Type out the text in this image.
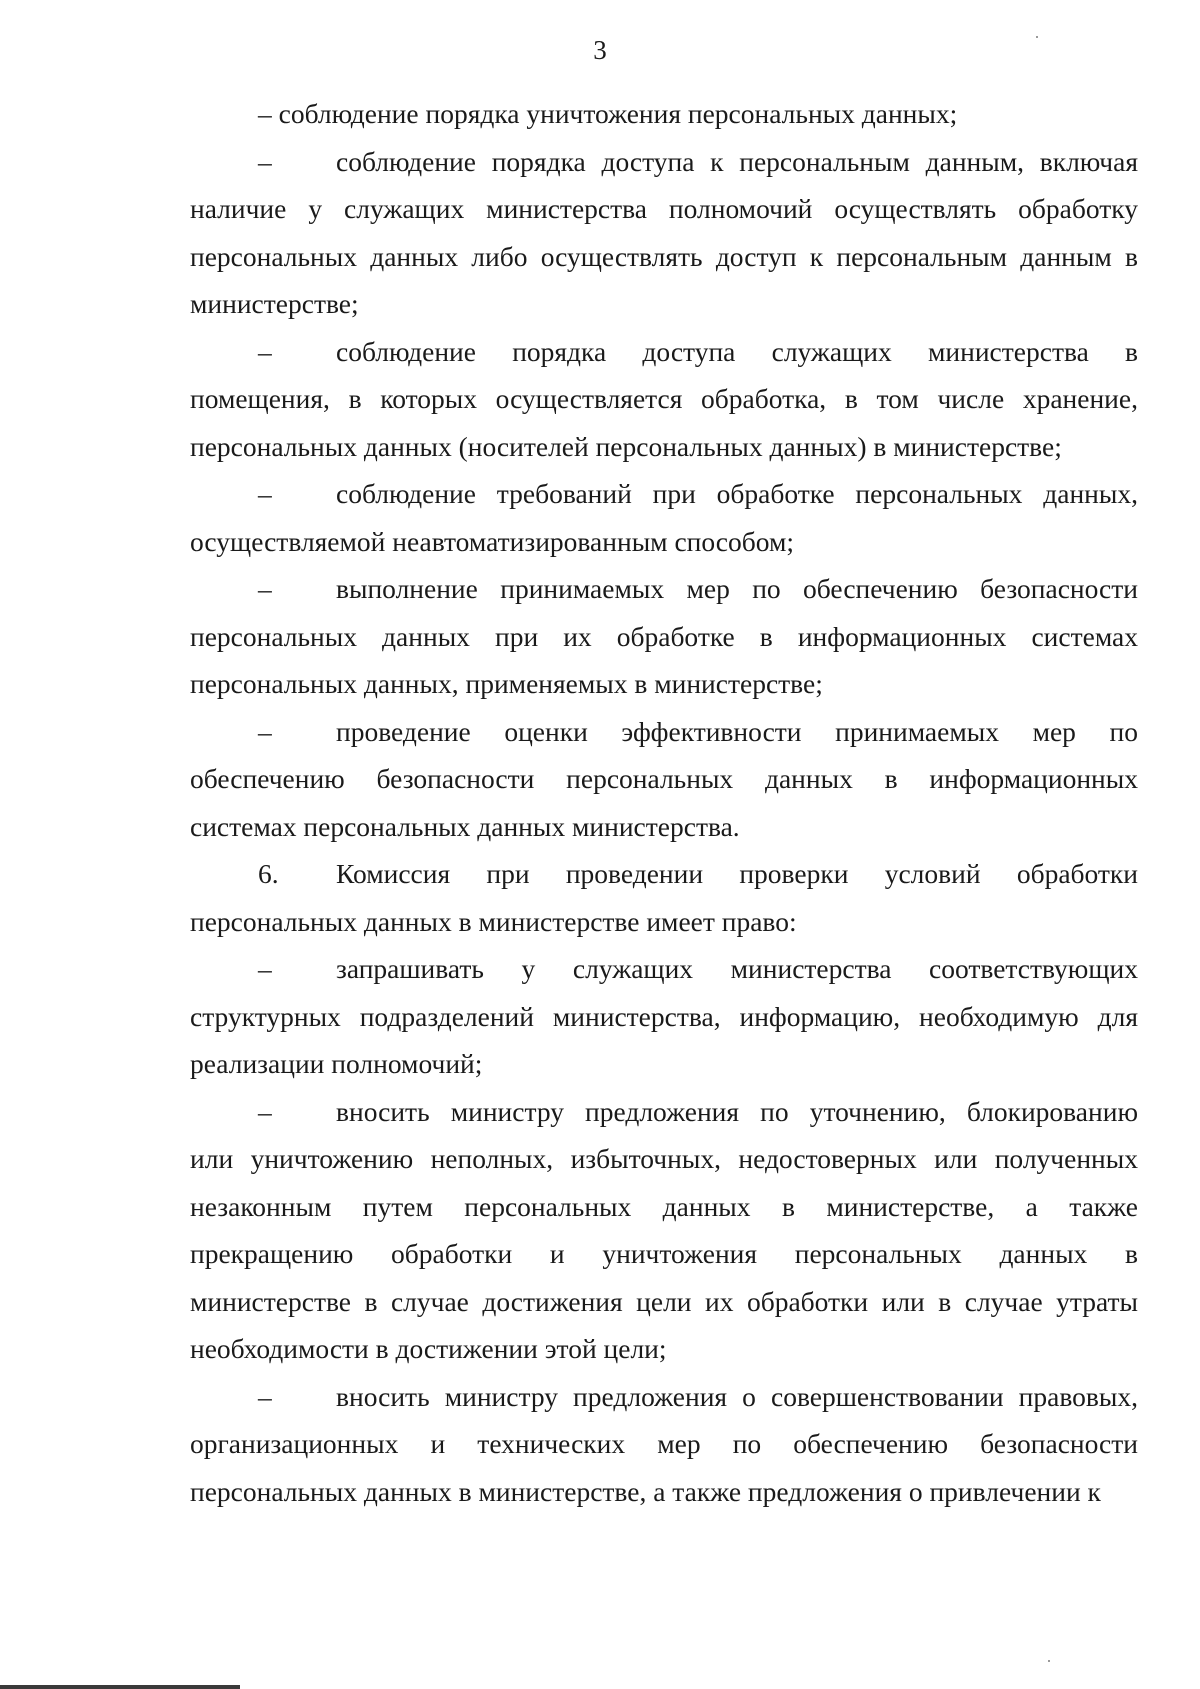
3
– соблюдение порядка уничтожения персональных данных;
– соблюдение порядка доступа к персональным данным, включая
наличие у служащих министерства полномочий осуществлять обработку
персональных данных либо осуществлять доступ к персональным данным в
министерстве;
– соблюдение порядка доступа служащих министерства в
помещения, в которых осуществляется обработка, в том числе хранение,
персональных данных (носителей персональных данных) в министерстве;
– соблюдение требований при обработке персональных данных,
осуществляемой неавтоматизированным способом;
– выполнение принимаемых мер по обеспечению безопасности
персональных данных при их обработке в информационных системах
персональных данных, применяемых в министерстве;
– проведение оценки эффективности принимаемых мер по
обеспечению безопасности персональных данных в информационных
системах персональных данных министерства.
6. Комиссия при проведении проверки условий обработки
персональных данных в министерстве имеет право:
– запрашивать у служащих министерства соответствующих
структурных подразделений министерства, информацию, необходимую для
реализации полномочий;
– вносить министру предложения по уточнению, блокированию
или уничтожению неполных, избыточных, недостоверных или полученных
незаконным путем персональных данных в министерстве, а также
прекращению обработки и уничтожения персональных данных в
министерстве в случае достижения цели их обработки или в случае утраты
необходимости в достижении этой цели;
– вносить министру предложения о совершенствовании правовых,
организационных и технических мер по обеспечению безопасности
персональных данных в министерстве, а также предложения о привлечении к
